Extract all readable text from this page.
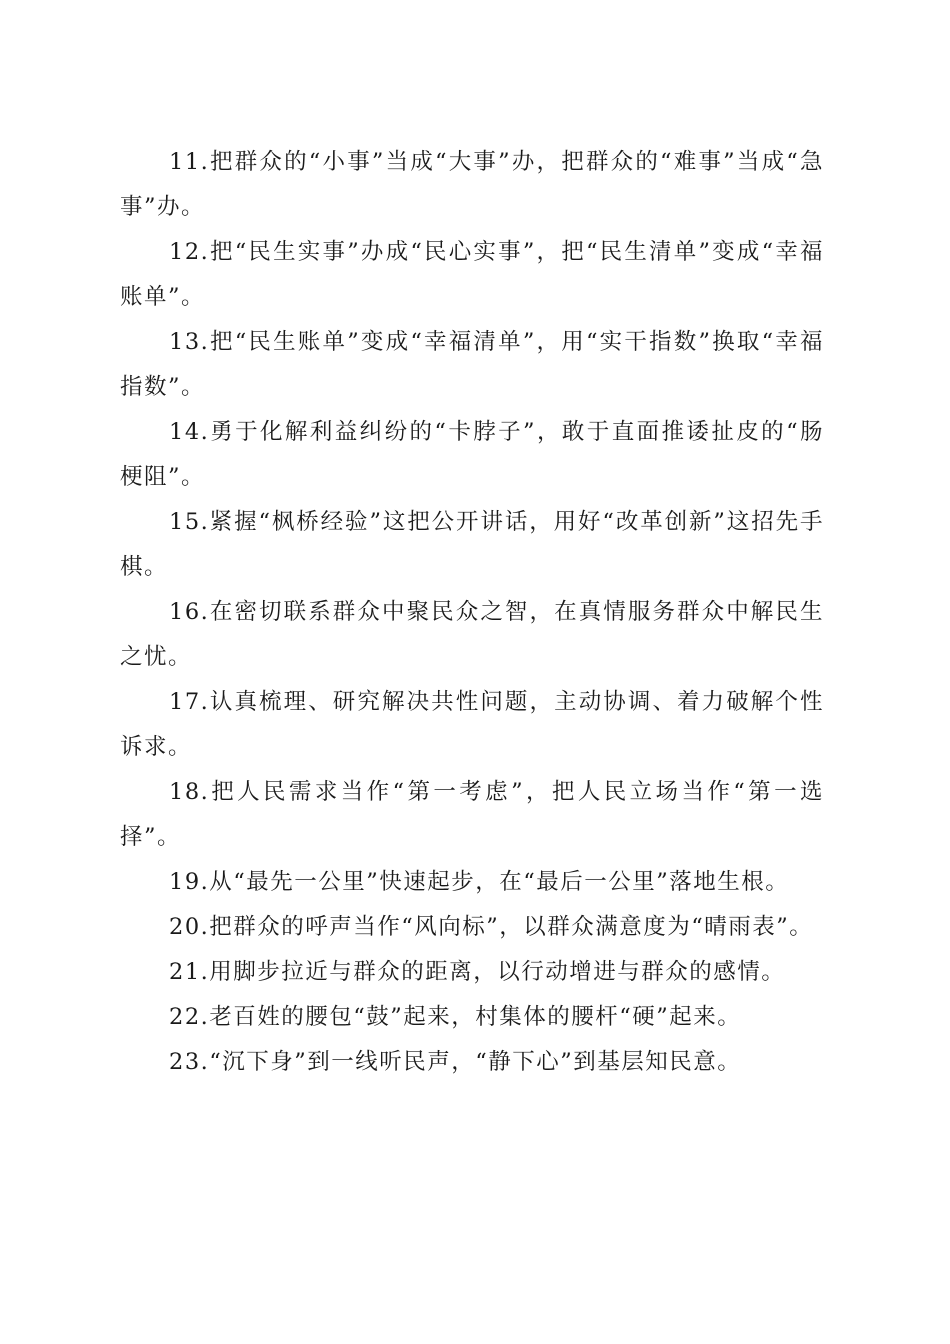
11.把群众的“小事”当成“大事”办，把群众的“难事”当成“急事”办。

12.把“民生实事”办成“民心实事”，把“民生清单”变成“幸福账单”。

13.把“民生账单”变成“幸福清单”，用“实干指数”换取“幸福指数”。

14.勇于化解利益纠纷的“卡脖子”，敢于直面推诿扯皮的“肠梗阻”。

15.紧握“枫桥经验”这把公开讲话，用好“改革创新”这招先手棋。

16.在密切联系群众中聚民众之智，在真情服务群众中解民生之忧。

17.认真梳理、研究解决共性问题，主动协调、着力破解个性诉求。

18.把人民需求当作“第一考虑”，把人民立场当作“第一选择”。

19.从“最先一公里”快速起步，在“最后一公里”落地生根。

20.把群众的呼声当作“风向标”，以群众满意度为“晴雨表”。

21.用脚步拉近与群众的距离，以行动增进与群众的感情。

22.老百姓的腰包“鼓”起来，村集体的腰杆“硬”起来。

23.“沉下身”到一线听民声，“静下心”到基层知民意。
